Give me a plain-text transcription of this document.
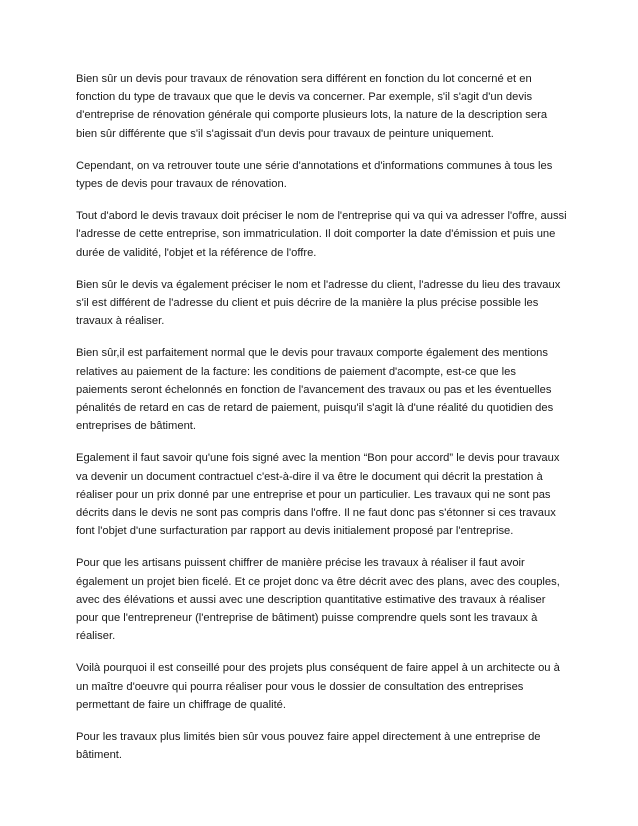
Bien sûr un devis pour travaux de rénovation sera différent en fonction du lot concerné et en fonction du type de travaux que que le devis va concerner. Par exemple, s'il s'agit d'un devis d'entreprise de rénovation générale qui comporte plusieurs lots, la nature de la description sera bien sûr différente que s'il s'agissait d'un devis pour travaux de peinture uniquement.

Cependant, on va retrouver toute une série d'annotations et d'informations communes à tous les types de devis pour travaux de rénovation.

Tout d'abord le devis travaux doit préciser le nom de l'entreprise qui va qui va adresser l'offre, aussi l'adresse de cette entreprise, son immatriculation. Il doit comporter la date d'émission et puis une durée de validité, l'objet et la référence de l'offre.

Bien sûr le devis va également préciser le nom et l'adresse du client, l'adresse du lieu des travaux s'il est différent de l'adresse du client et puis décrire de la manière la plus précise possible les travaux à réaliser.

Bien sûr,il est parfaitement normal que le devis pour travaux comporte également des mentions relatives au paiement de la facture: les conditions de paiement d'acompte, est-ce que les paiements seront échelonnés en fonction de l'avancement des travaux ou pas et les éventuelles pénalités de retard en cas de retard de paiement, puisqu'il s'agit là d'une réalité du quotidien des entreprises de bâtiment.

Egalement il faut savoir qu'une fois signé avec la mention “Bon pour accord” le devis pour travaux va devenir un document contractuel c'est-à-dire il va être le document qui décrit la prestation à réaliser pour un prix donné par une entreprise et pour un particulier. Les travaux qui ne sont pas décrits dans le devis ne sont pas compris dans l'offre. Il ne faut donc pas s'étonner si ces travaux font l'objet d'une surfacturation par rapport au devis initialement proposé par l'entreprise.

Pour que les artisans puissent chiffrer de manière précise les travaux à réaliser il faut avoir également un projet bien ficelé. Et ce projet donc va être décrit avec des plans, avec des couples, avec des élévations et aussi avec une description quantitative estimative des travaux à réaliser pour que l'entrepreneur (l'entreprise de bâtiment) puisse comprendre quels sont les travaux à réaliser.

Voilà pourquoi il est conseillé pour des projets plus conséquent de faire appel à un architecte ou à un maître d'oeuvre qui pourra réaliser pour vous le dossier de consultation des entreprises permettant de faire un chiffrage de qualité.

Pour les travaux plus limités bien sûr vous pouvez faire appel directement à une entreprise de bâtiment.
